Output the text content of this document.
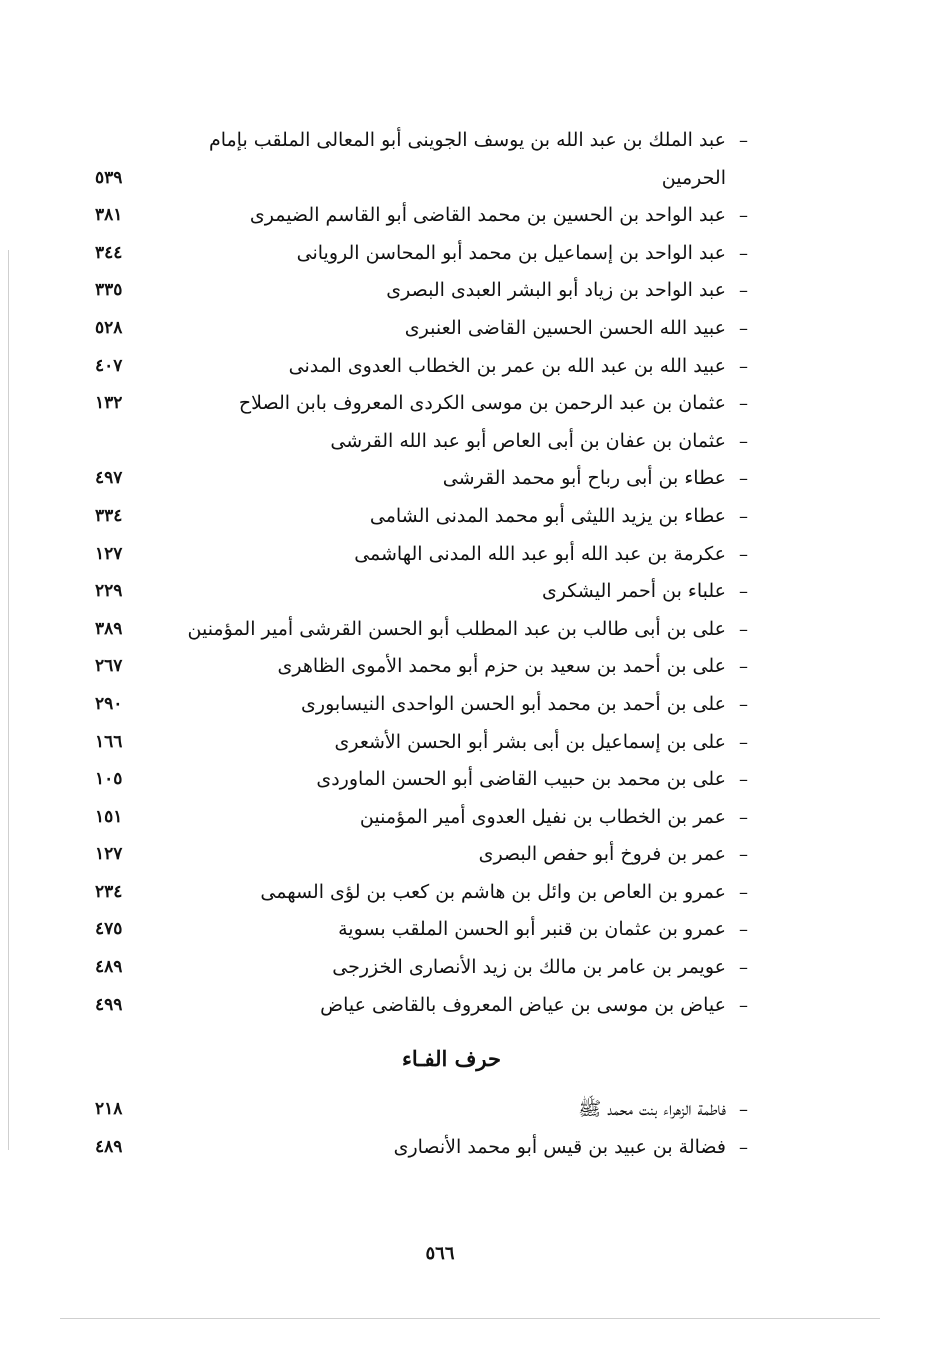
–
عبد الملك بن عبد الله بن يوسف الجوينى أبو المعالى الملقب بإمام الحرمين
٥٣٩
–
عبد الواحد بن الحسين بن محمد القاضى أبو القاسم الضيمرى
٣٨١
–
عبد الواحد بن إسماعيل بن محمد أبو المحاسن الرويانى
٣٤٤
–
عبد الواحد بن زياد أبو البشر العبدى البصرى
٣٣٥
–
عبيد الله الحسن الحسين القاضى العنبرى
٥٢٨
–
عبيد الله بن عبد الله بن عمر بن الخطاب العدوى المدنى
٤٠٧
–
عثمان بن عبد الرحمن بن موسى الكردى المعروف بابن الصلاح
١٣٢
–
عثمان بن عفان بن أبى العاص أبو عبد الله القرشى
–
عطاء بن أبى رباح أبو محمد القرشى
٤٩٧
–
عطاء بن يزيد الليثى أبو محمد المدنى الشامى
٣٣٤
–
عكرمة بن عبد الله أبو عبد الله المدنى الهاشمى
١٢٧
–
علباء بن أحمر اليشكرى
٢٢٩
–
على بن أبى طالب بن عبد المطلب أبو الحسن القرشى أمير المؤمنين
٣٨٩
–
على بن أحمد بن سعيد بن حزم أبو محمد الأموى الظاهرى
٢٦٧
–
على بن أحمد بن محمد أبو الحسن الواحدى النيسابورى
٢٩٠
–
على بن إسماعيل بن أبى بشر أبو الحسن الأشعرى
١٦٦
–
على بن محمد بن حبيب القاضى أبو الحسن الماوردى
١٠٥
–
عمر بن الخطاب بن نفيل العدوى أمير المؤمنين
١٥١
–
عمر بن فروخ أبو حفص البصرى
١٢٧
–
عمرو بن العاص بن وائل بن هاشم بن كعب بن لؤى السهمى
٢٣٤
–
عمرو بن عثمان بن قنبر أبو الحسن الملقب بسوية
٤٧٥
–
عويمر بن عامر بن مالك بن زيد الأنصارى الخزرجى
٤٨٩
–
عياض بن موسى بن عياض المعروف بالقاضى عياض
٤٩٩
حرف الفـاء
–
فاطمة الزهراء بنت محمد ﷺ
٢١٨
–
فضالة بن عبيد بن قيس أبو محمد الأنصارى
٤٨٩
٥٦٦
